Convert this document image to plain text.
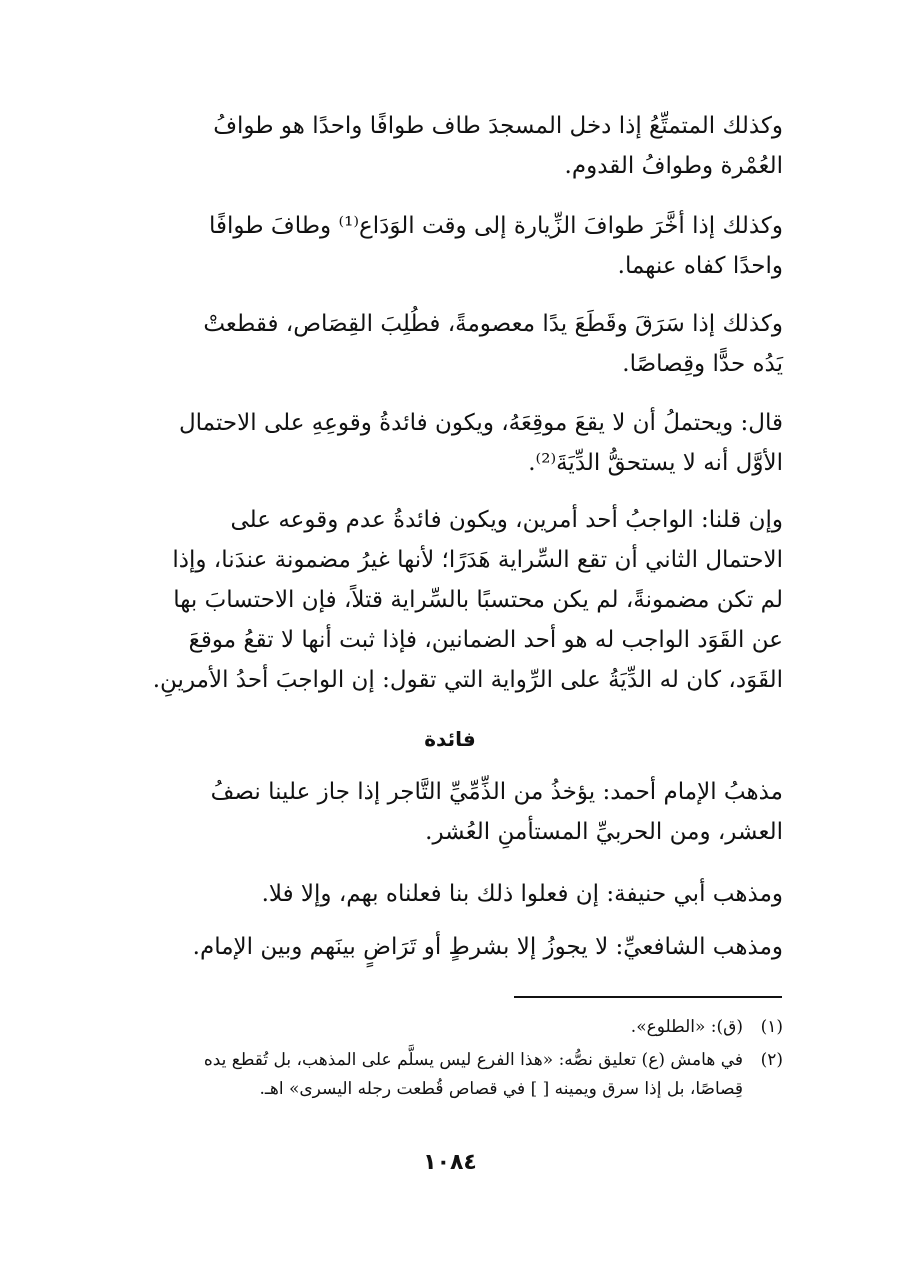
وكذلك المتمتِّعُ إذا دخل المسجدَ طاف طوافًا واحدًا هو طوافُ
العُمْرة وطوافُ القدوم.
وكذلك إذا أخَّرَ طوافَ الزِّيارة إلى وقت الوَدَاع⁽¹⁾ وطافَ طوافًا
واحدًا كفاه عنهما.
وكذلك إذا سَرَقَ وقَطَعَ يدًا معصومةً، فطُلِبَ القِصَاص، فقطعتْ
يَدُه حدًّا وقِصاصًا.
قال: ويحتملُ أن لا يقعَ موقِعَهُ، ويكون فائدةُ وقوعِهِ على الاحتمال
الأوَّل أنه لا يستحقُّ الدِّيَةَ⁽²⁾.
وإن قلنا: الواجبُ أحد أمرين، ويكون فائدةُ عدم وقوعه على
الاحتمال الثاني أن تقع السِّراية هَدَرًا؛ لأنها غيرُ مضمونة عندَنا، وإذا
لم تكن مضمونةً، لم يكن محتسبًا بالسِّراية قتلاً، فإن الاحتسابَ بها
عن القَوَد الواجب له هو أحد الضمانين، فإذا ثبت أنها لا تقعُ موقعَ
القَوَد، كان له الدِّيَةُ على الرِّواية التي تقول: إن الواجبَ أحدُ الأمرينِ.
فائدة
مذهبُ الإمام أحمد: يؤخذُ من الذِّمِّيِّ التَّاجر إذا جاز علينا نصفُ
العشر، ومن الحربيِّ المستأمنِ العُشر.
ومذهب أبي حنيفة: إن فعلوا ذلك بنا فعلناه بهم، وإلا فلا.
ومذهب الشافعيِّ: لا يجوزُ إلا بشرطٍ أو تَرَاضٍ بينَهم وبين الإمام.
(١)(ق): «الطلوع».
(٢)في هامش (ع) تعليق نصُّه: «هذا الفرع ليس يسلَّم على المذهب، بل تُقطع يده
قِصاصًا، بل إذا سرق ويمينه [ ] في قصاص قُطعت رجله اليسرى» اهـ.
١٠٨٤
